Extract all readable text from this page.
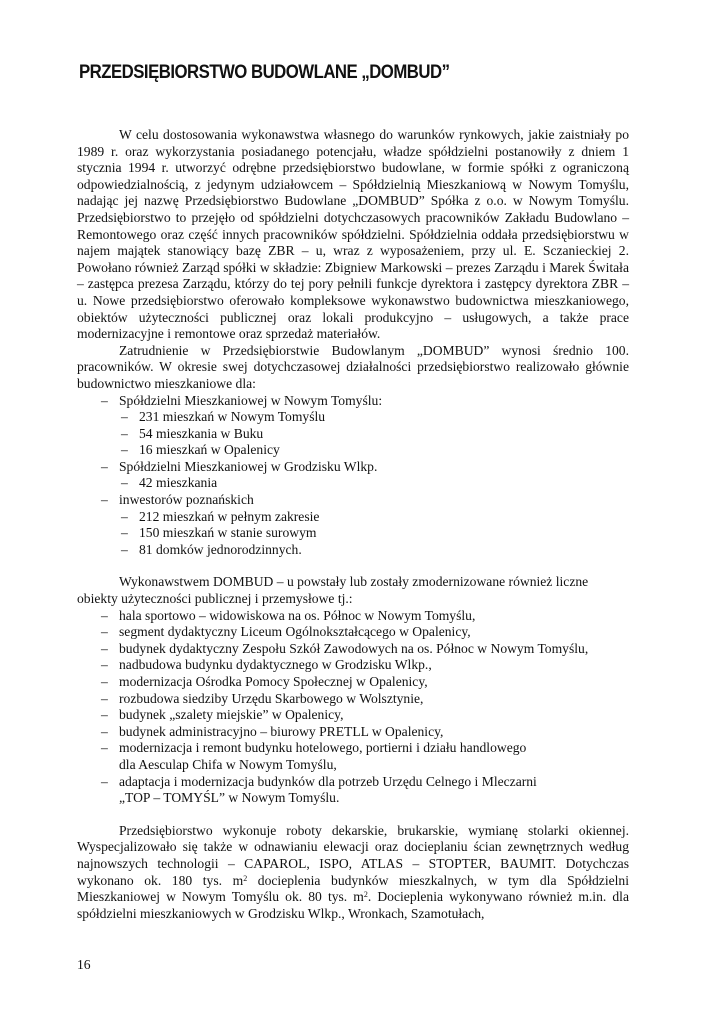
PRZEDSIĘBIORSTWO BUDOWLANE „DOMBUD”

W celu dostosowania wykonawstwa własnego do warunków rynkowych, jakie zaistniały po 1989 r. oraz wykorzystania posiadanego potencjału, władze spółdzielni postanowiły z dniem 1 stycznia 1994 r. utworzyć odrębne przedsiębiorstwo budowlane, w formie spółki z ograniczoną odpowiedzialnością, z jedynym udziałowcem – Spółdzielnią Mieszkaniową w Nowym Tomyślu, nadając jej nazwę Przedsiębiorstwo Budowlane „DOMBUD” Spółka z o.o. w Nowym Tomyślu. Przedsiębiorstwo to przejęło od spółdzielni dotychczasowych pracowników Zakładu Budowlano – Remontowego oraz część innych pracowników spółdzielni. Spółdzielnia oddała przedsiębiorstwu w najem majątek stanowiący bazę ZBR – u, wraz z wyposażeniem, przy ul. E. Sczanieckiej 2. Powołano również Zarząd spółki w składzie: Zbigniew Markowski – prezes Zarządu i Marek Świtała – zastępca prezesa Zarządu, którzy do tej pory pełnili funkcje dyrektora i zastępcy dyrektora ZBR – u. Nowe przedsiębiorstwo oferowało kompleksowe wykonawstwo budownictwa mieszkaniowego, obiektów użyteczności publicznej oraz lokali produkcyjno – usługowych, a także prace modernizacyjne i remontowe oraz sprzedaż materiałów.

Zatrudnienie w Przedsiębiorstwie Budowlanym „DOMBUD” wynosi średnio 100. pracowników. W okresie swej dotychczasowej działalności przedsiębiorstwo realizowało głównie budownictwo mieszkaniowe dla:

– Spółdzielni Mieszkaniowej w Nowym Tomyślu:
– 231 mieszkań w Nowym Tomyślu
– 54 mieszkania w Buku
– 16 mieszkań w Opalenicy
– Spółdzielni Mieszkaniowej w Grodzisku Wlkp.
– 42 mieszkania
– inwestorów poznańskich
– 212 mieszkań w pełnym zakresie
– 150 mieszkań w stanie surowym
– 81 domków jednorodzinnych.

Wykonawstwem DOMBUD – u powstały lub zostały zmodernizowane również liczne obiekty użyteczności publicznej i przemysłowe tj.:

– hala sportowo – widowiskowa na os. Północ w Nowym Tomyślu,
– segment dydaktyczny Liceum Ogólnokształcącego w Opalenicy,
– budynek dydaktyczny Zespołu Szkół Zawodowych na os. Północ w Nowym Tomyślu,
– nadbudowa budynku dydaktycznego w Grodzisku Wlkp.,
– modernizacja Ośrodka Pomocy Społecznej w Opalenicy,
– rozbudowa siedziby Urzędu Skarbowego w Wolsztynie,
– budynek „szalety miejskie” w Opalenicy,
– budynek administracyjno – biurowy PRETLL w Opalenicy,
– modernizacja i remont budynku hotelowego, portierni i działu handlowego
dla Aesculap Chifa w Nowym Tomyślu,
– adaptacja i modernizacja budynków dla potrzeb Urzędu Celnego i Mleczarni
„TOP – TOMYŚL” w Nowym Tomyślu.

Przedsiębiorstwo wykonuje roboty dekarskie, brukarskie, wymianę stolarki okiennej. Wyspecjalizowało się także w odnawianiu elewacji oraz docieplaniu ścian zewnętrznych według najnowszych technologii – CAPAROL, ISPO, ATLAS – STOPTER, BAUMIT. Dotychczas wykonano ok. 180 tys. $m^2$ docieplenia budynków mieszkalnych, w tym dla Spółdzielni Mieszkaniowej w Nowym Tomyślu ok. 80 tys. $m^2$. Docieplenia wykonywano również m.in. dla spółdzielni mieszkaniowych w Grodzisku Wlkp., Wronkach, Szamotułach,

16
